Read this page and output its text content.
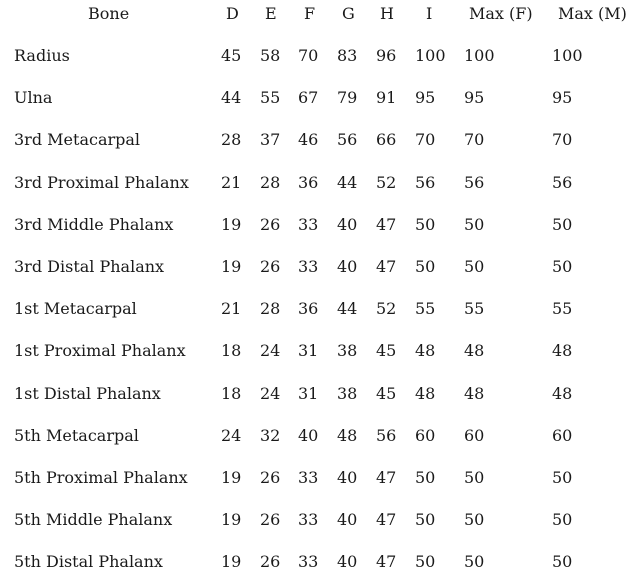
Bone	D E F G H I Max (F) Max (M)
Radius	45 58 70 83 96 100 100	100
Ulna	44 55 67 79 91 95 95	95
3rd Metacarpal	28 37 46 56 66 70 70	70
3rd Proximal Phalanx 21 28 36 44 52 56 56	56
3rd Middle Phalanx	19 26 33 40 47 50 50	50
3rd Distal Phalanx	19 26 33 40 47 50 50	50
1st Metacarpal	21 28 36 44 52 55 55	55
1st Proximal Phalanx 18 24 31 38 45 48 48	48
1st Distal Phalanx	18 24 31 38 45 48 48	48
5th Metacarpal	24 32 40 48 56 60 60	60
5th Proximal Phalanx 19 26 33 40 47 50 50	50
5th Middle Phalanx	19 26 33 40 47 50 50	50
5th Distal Phalanx	19 26 33 40 47 50 50	50
